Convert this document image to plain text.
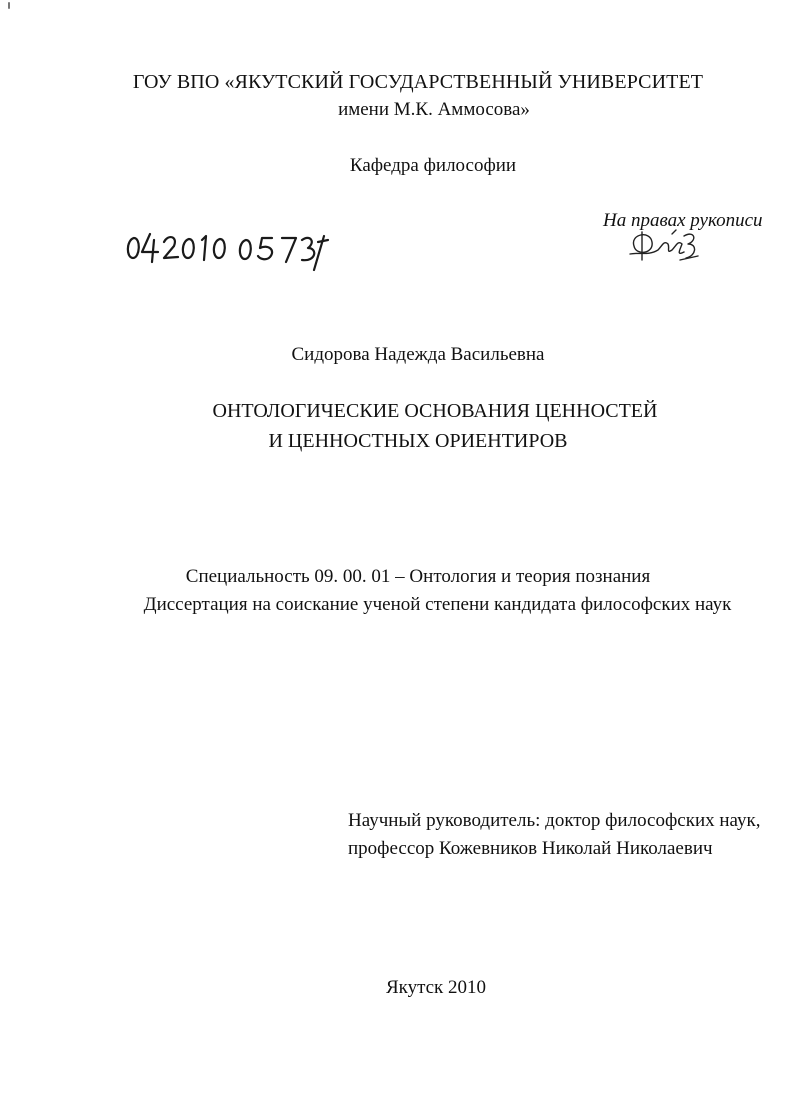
ГОУ ВПО «ЯКУТСКИЙ ГОСУДАРСТВЕННЫЙ УНИВЕРСИТЕТ
имени М.К. Аммосова»
Кафедра философии
На правах рукописи
Сидорова Надежда Васильевна
ОНТОЛОГИЧЕСКИЕ ОСНОВАНИЯ ЦЕННОСТЕЙ
И ЦЕННОСТНЫХ ОРИЕНТИРОВ
Специальность 09. 00. 01 – Онтология и теория познания
Диссертация на соискание ученой степени кандидата философских наук
Научный руководитель: доктор философских наук,
профессор Кожевников Николай Николаевич
Якутск 2010
